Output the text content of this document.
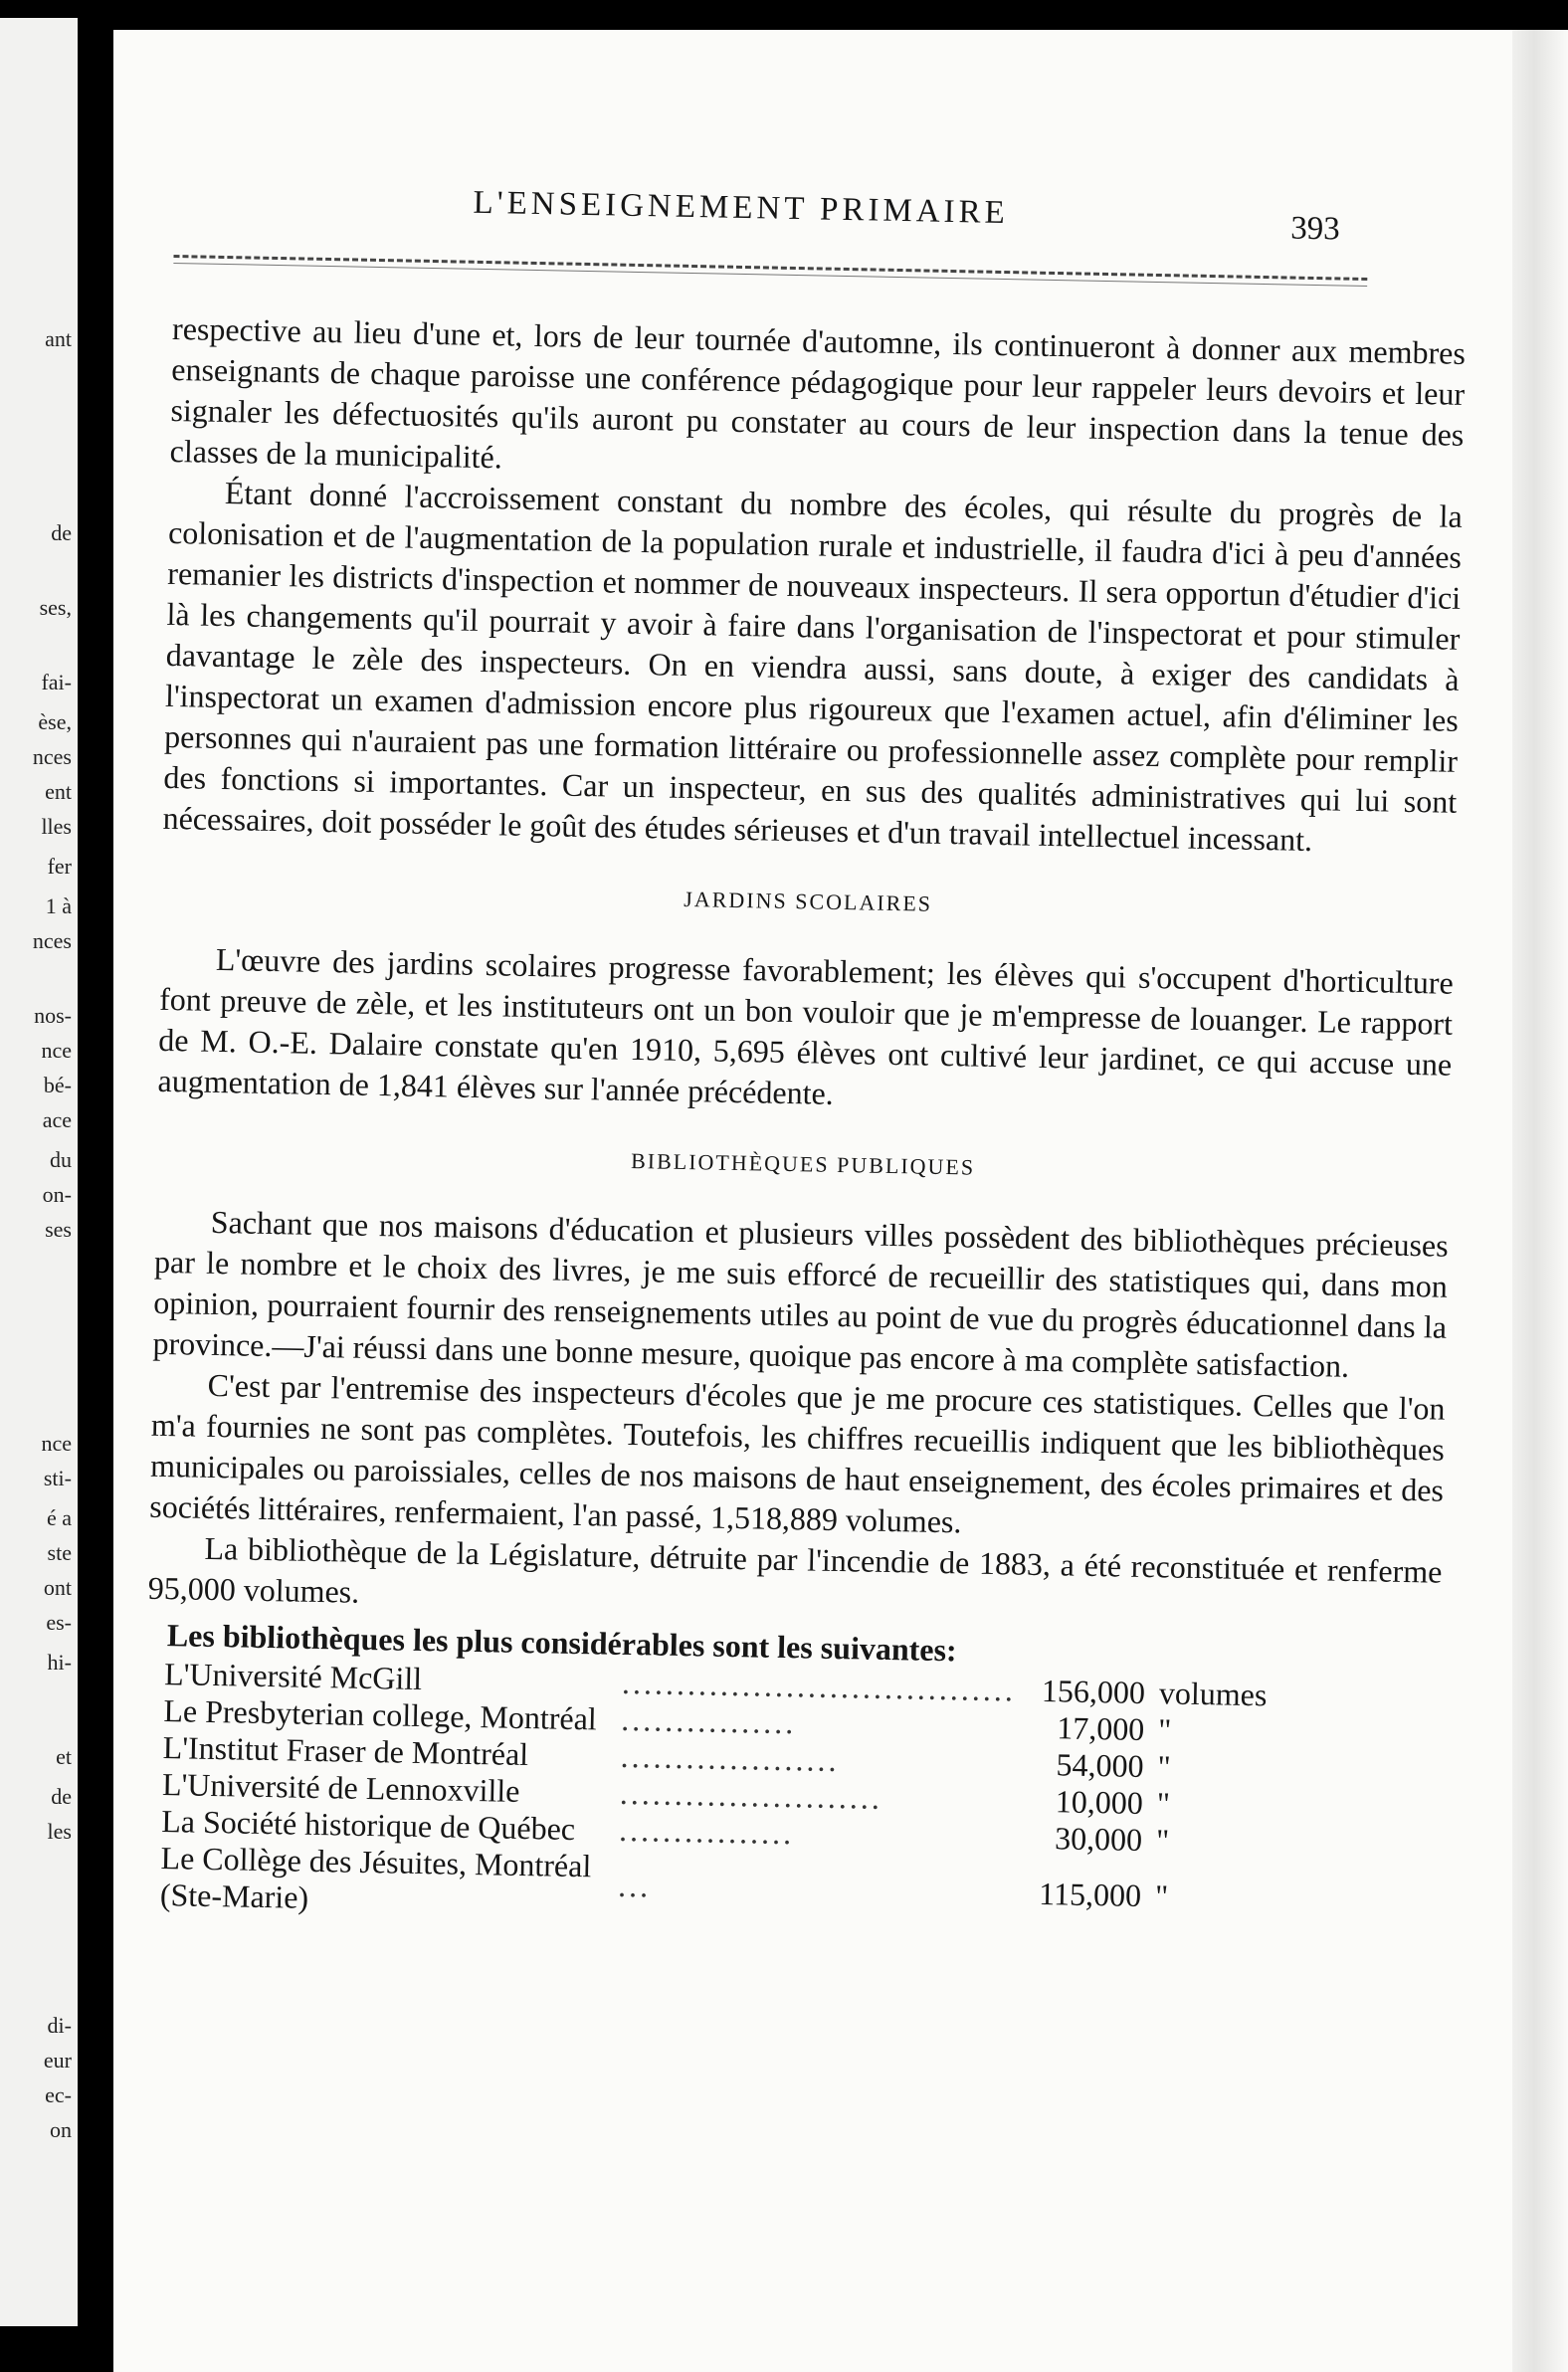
ant
de
ses,
fai-
èse,
nces
ent
lles
fer
1 à
nces
nos-
nce
bé-
ace
du
on-
ses
nce
sti-
é a
ste
ont
es-
hi-
et
de
les
di-
eur
ec-
on
L'ENSEIGNEMENT PRIMAIRE	393

respective au lieu d'une et, lors de leur tournée d'automne, ils continueront à donner aux membres enseignants de chaque paroisse une conférence pédagogique pour leur rappeler leurs devoirs et leur signaler les défectuosités qu'ils auront pu constater au cours de leur inspection dans la tenue des classes de la municipalité.

Étant donné l'accroissement constant du nombre des écoles, qui résulte du progrès de la colonisation et de l'augmentation de la population rurale et industrielle, il faudra d'ici à peu d'années remanier les districts d'inspection et nommer de nouveaux inspecteurs. Il sera opportun d'étudier d'ici là les changements qu'il pourrait y avoir à faire dans l'organisation de l'inspectorat et pour stimuler davantage le zèle des inspecteurs. On en viendra aussi, sans doute, à exiger des candidats à l'inspectorat un examen d'admission encore plus rigoureux que l'examen actuel, afin d'éliminer les personnes qui n'auraient pas une formation littéraire ou professionnelle assez complète pour remplir des fonctions si importantes. Car un inspecteur, en sus des qualités administratives qui lui sont nécessaires, doit posséder le goût des études sérieuses et d'un travail intellectuel incessant.

JARDINS SCOLAIRES

L'œuvre des jardins scolaires progresse favorablement; les élèves qui s'occupent d'horticulture font preuve de zèle, et les instituteurs ont un bon vouloir que je m'empresse de louanger. Le rapport de M. O.-E. Dalaire constate qu'en 1910, 5,695 élèves ont cultivé leur jardinet, ce qui accuse une augmentation de 1,841 élèves sur l'année précédente.

BIBLIOTHÈQUES PUBLIQUES

Sachant que nos maisons d'éducation et plusieurs villes possèdent des bibliothèques précieuses par le nombre et le choix des livres, je me suis efforcé de recueillir des statistiques qui, dans mon opinion, pourraient fournir des renseignements utiles au point de vue du progrès éducationnel dans la province.—J'ai réussi dans une bonne mesure, quoique pas encore à ma complète satisfaction.

C'est par l'entremise des inspecteurs d'écoles que je me procure ces statistiques. Celles que l'on m'a fournies ne sont pas complètes. Toutefois, les chiffres recueillis indiquent que les bibliothèques municipales ou paroissiales, celles de nos maisons de haut enseignement, des écoles primaires et des sociétés littéraires, renfermaient, l'an passé, 1,518,889 volumes.

La bibliothèque de la Législature, détruite par l'incendie de 1883, a été reconstituée et renferme 95,000 volumes.

Les bibliothèques les plus considérables sont les suivantes:
L'Université McGill	....................................	156,000	volumes
Le Presbyterian college, Montréal	................	17,000	"
L'Institut Fraser de Montréal	....................	54,000	"
L'Université de Lennoxville	........................	10,000	"
La Société historique de Québec	................	30,000	"
Le Collège des Jésuites, Montréal (Ste-Marie)	...	115,000	"
